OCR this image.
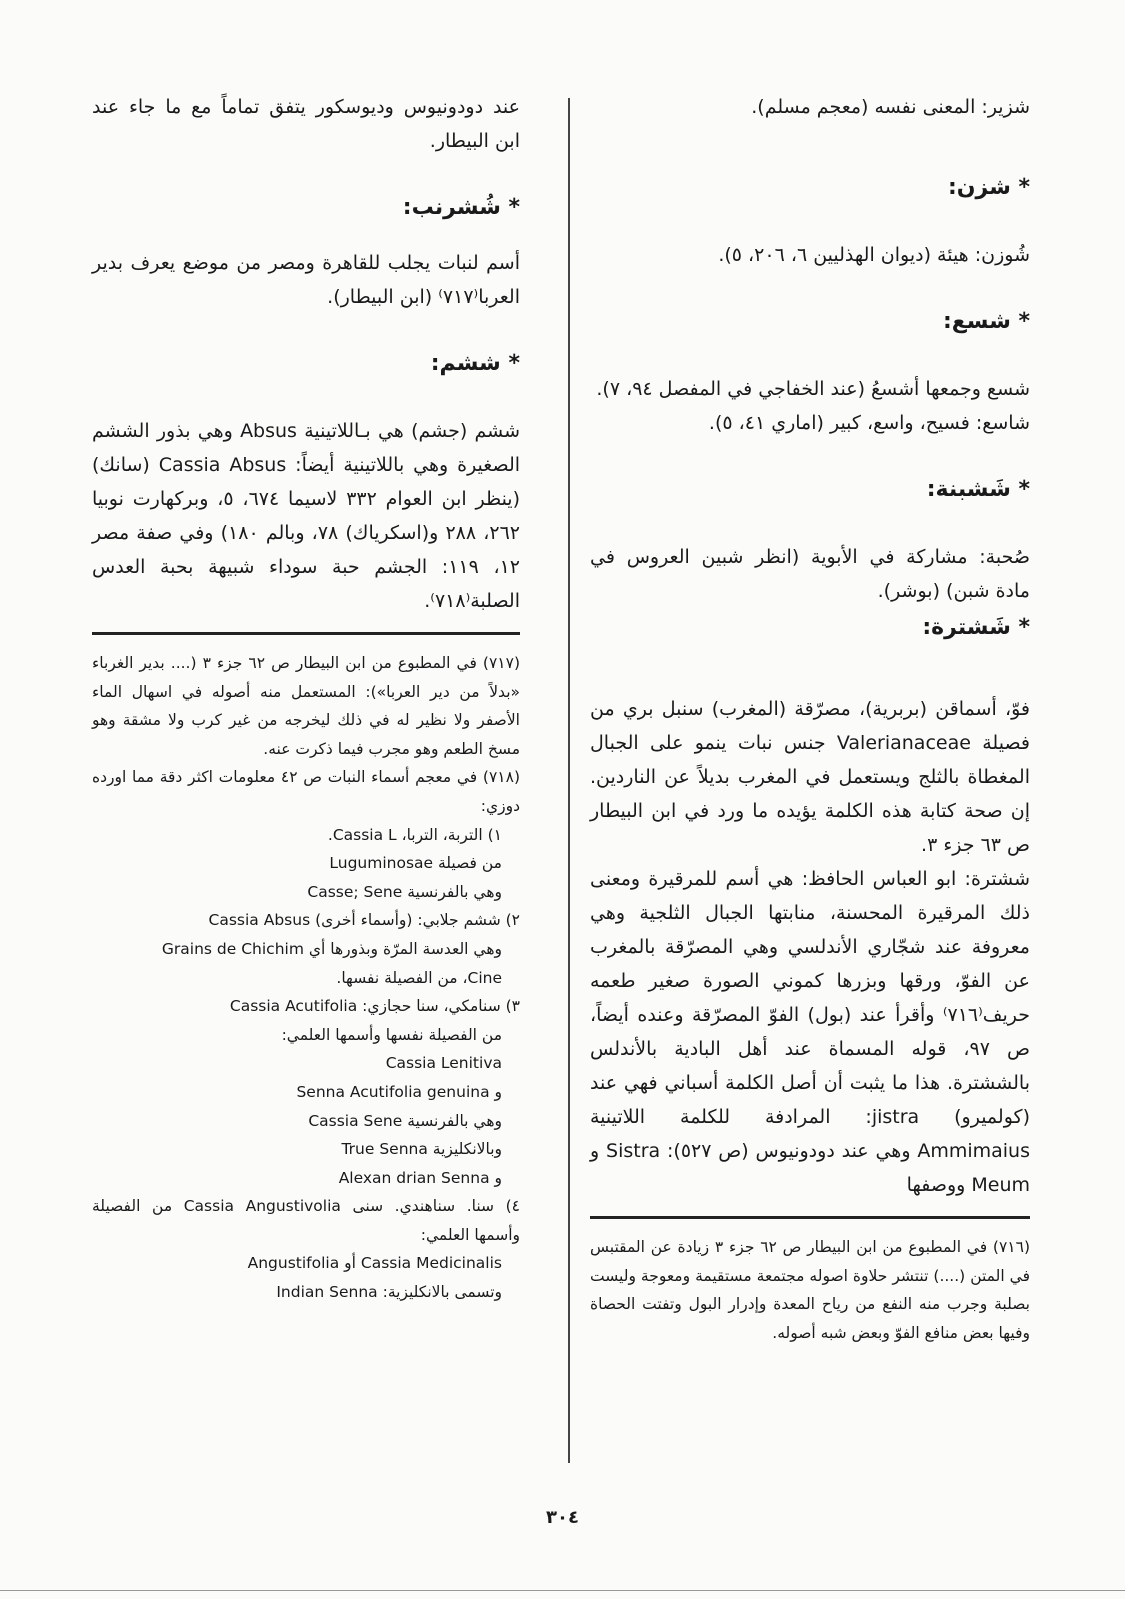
شزير: المعنى نفسه (معجم مسلم).

* شزن:

شُوزن: هيئة (ديوان الهذليين ٦، ٢٠٦، ٥).

* شسع:

شسع وجمعها أشسعُ (عند الخفاجي في المفصل ٩٤، ٧).

شاسع: فسيح، واسع، كبير (اماري ٤١، ٥).

* شَشبنة:

صُحبة: مشاركة في الأبوية (انظر شبين العروس في مادة شبن) (بوشر).

* شَشترة:

فوّ، أسماقن (بربرية)، مصرّقة (المغرب) سنبل بري من فصيلة Valerianaceae جنس نبات ينمو على الجبال المغطاة بالثلج ويستعمل في المغرب بديلاً عن الناردين. إن صحة كتابة هذه الكلمة يؤيده ما ورد في ابن البيطار ص ٦٣ جزء ٣.

ششترة: ابو العباس الحافظ: هي أسم للمرقيرة ومعنى ذلك المرقيرة المحسنة، منابتها الجبال الثلجية وهي معروفة عند شجّاري الأندلسي وهي المصرّقة بالمغرب عن الفوّ، ورقها وبزرها كموني الصورة صغير طعمه حريف⁽٧١٦⁾ وأقرأ عند (بول) الفوّ المصرّقة وعنده أيضاً، ص ٩٧، قوله المسماة عند أهل البادية بالأندلس بالششترة. هذا ما يثبت أن أصل الكلمة أسباني فهي عند (كولميرو) jistra: المرادفة للكلمة اللاتينية Ammimaius وهي عند دودونيوس (ص ٥٢٧): Sistra و Meum ووصفها

(٧١٦) في المطبوع من ابن البيطار ص ٦٢ جزء ٣ زيادة عن المقتبس في المتن (....) تنتشر حلاوة اصوله مجتمعة مستقيمة ومعوجة وليست بصلبة وجرب منه النفع من رياح المعدة وإدرار البول وتفتت الحصاة وفيها بعض منافع الفوّ وبعض شبه أصوله.

عند دودونيوس وديوسكور يتفق تماماً مع ما جاء عند ابن البيطار.

* شُشرنب:

أسم لنبات يجلب للقاهرة ومصر من موضع يعرف بدير العربا⁽٧١٧⁾ (ابن البيطار).

* ششم:

ششم (جشم) هي بـاللاتينية Absus وهي بذور الششم الصغيرة وهي باللاتينية أيضاً: Cassia Absus (سانك) (ينظر ابن العوام ٣٣٢ لاسيما ٦٧٤، ٥، وبركهارت نوبيا ٢٦٢، ٢٨٨ و(اسكرياك) ٧٨، وبالم ١٨٠) وفي صفة مصر ١٢، ١١٩: الجشم حبة سوداء شبيهة بحبة العدس الصلبة⁽٧١٨⁾.

(٧١٧) في المطبوع من ابن البيطار ص ٦٢ جزء ٣ (.... بدير الغرباء «بدلاً من دير العربا»): المستعمل منه أصوله في اسهال الماء الأصفر ولا نظير له في ذلك ليخرجه من غير كرب ولا مشقة وهو مسخ الطعم وهو مجرب فيما ذكرت عنه.

(٧١٨) في معجم أسماء النبات ص ٤٢ معلومات اكثر دقة مما اورده دوزي:

١) التربة، التربا، Cassia L.

من فصيلة Luguminosae

وهي بالفرنسية Casse; Sene

٢) ششم جلابي: (وأسماء أخرى) Cassia Absus

وهي العدسة المرّة وبذورها أي Grains de Chichim

Cine، من الفصيلة نفسها.

٣) سنامكي، سنا حجازي: Cassia Acutifolia

من الفصيلة نفسها وأسمها العلمي:

Cassia Lenitiva

و Senna Acutifolia genuina

وهي بالفرنسية Cassia Sene

وبالانكليزية True Senna

و Alexan drian Senna

٤) سنا. سناهندي. سنى Cassia Angustivolia من الفصيلة وأسمها العلمي:

Cassia Medicinalis أو Angustifolia

وتسمى بالانكليزية: Indian Senna

٣٠٤
